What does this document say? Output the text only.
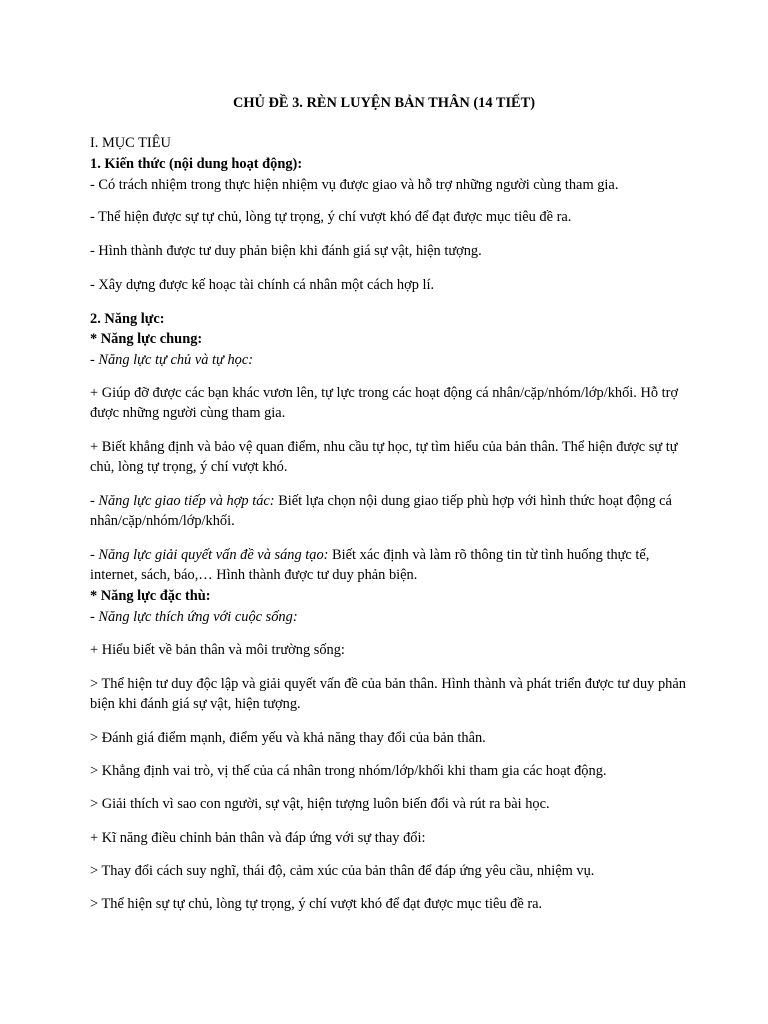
CHỦ ĐỀ 3. RÈN LUYỆN BẢN THÂN (14 TIẾT)
I. MỤC TIÊU
1. Kiến thức (nội dung hoạt động):
- Có trách nhiệm trong thực hiện nhiệm vụ được giao và hỗ trợ những người cùng tham gia.
- Thể hiện được sự tự chủ, lòng tự trọng, ý chí vượt khó để đạt được mục tiêu đề ra.
- Hình thành được tư duy phản biện khi đánh giá sự vật, hiện tượng.
- Xây dựng được kế hoạc tài chính cá nhân một cách hợp lí.
2. Năng lực:
* Năng lực chung:
- Năng lực tự chủ và tự học:
+ Giúp đỡ được các bạn khác vươn lên, tự lực trong các hoạt động cá nhân/cặp/nhóm/lớp/khối. Hỗ trợ
được những người cùng tham gia.
+ Biết khẳng định và bảo vệ quan điểm, nhu cầu tự học, tự tìm hiểu của bản thân. Thể hiện được sự tự
chủ, lòng tự trọng, ý chí vượt khó.
- Năng lực giao tiếp và hợp tác: Biết lựa chọn nội dung giao tiếp phù hợp với hình thức hoạt động cá
nhân/cặp/nhóm/lớp/khối.
- Năng lực giải quyết vấn đề và sáng tạo: Biết xác định và làm rõ thông tin từ tình huống thực tế,
internet, sách, báo,… Hình thành được tư duy phản biện.
* Năng lực đặc thù:
- Năng lực thích ứng với cuộc sống:
+ Hiểu biết về bản thân và môi trường sống:
> Thể hiện tư duy độc lập và giải quyết vấn đề của bản thân. Hình thành và phát triển được tư duy phản
biện khi đánh giá sự vật, hiện tượng.
> Đánh giá điểm mạnh, điểm yếu và khả năng thay đổi của bản thân.
> Khẳng định vai trò, vị thế của cá nhân trong nhóm/lớp/khối khi tham gia các hoạt động.
> Giải thích vì sao con người, sự vật, hiện tượng luôn biến đổi và rút ra bài học.
+ Kĩ năng điều chỉnh bản thân và đáp ứng với sự thay đổi:
> Thay đổi cách suy nghĩ, thái độ, cảm xúc của bản thân để đáp ứng yêu cầu, nhiệm vụ.
> Thể hiện sự tự chủ, lòng tự trọng, ý chí vượt khó để đạt được mục tiêu đề ra.
